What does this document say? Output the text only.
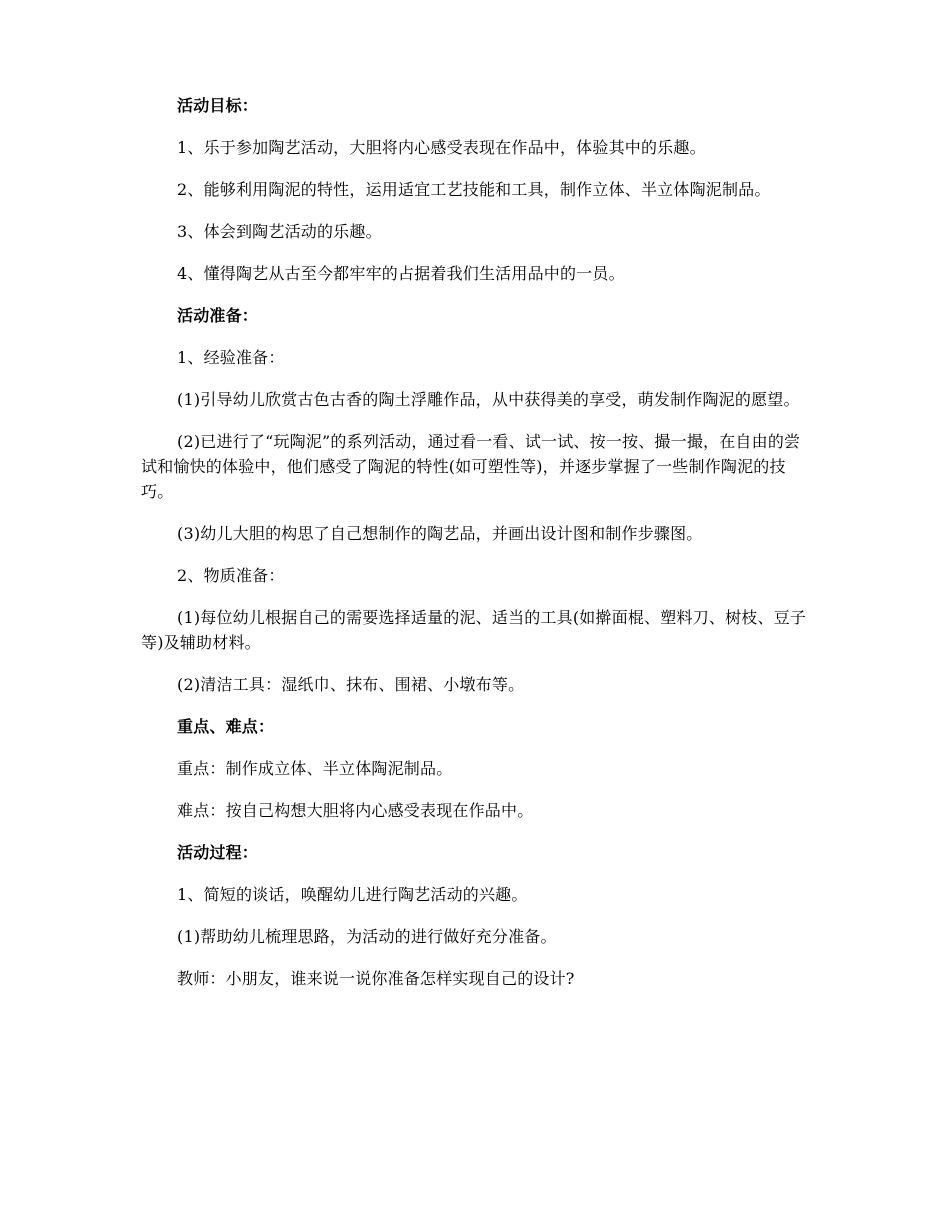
活动目标：

1、乐于参加陶艺活动，大胆将内心感受表现在作品中，体验其中的乐趣。

2、能够利用陶泥的特性，运用适宜工艺技能和工具，制作立体、半立体陶泥制品。

3、体会到陶艺活动的乐趣。

4、懂得陶艺从古至今都牢牢的占据着我们生活用品中的一员。

活动准备：

1、经验准备：

(1)引导幼儿欣赏古色古香的陶土浮雕作品，从中获得美的享受，萌发制作陶泥的愿望。

(2)已进行了“玩陶泥”的系列活动，通过看一看、试一试、按一按、撮一撮，在自由的尝试和愉快的体验中，他们感受了陶泥的特性(如可塑性等)，并逐步掌握了一些制作陶泥的技巧。

(3)幼儿大胆的构思了自己想制作的陶艺品，并画出设计图和制作步骤图。

2、物质准备：

(1)每位幼儿根据自己的需要选择适量的泥、适当的工具(如擀面棍、塑料刀、树枝、豆子等)及辅助材料。

(2)清洁工具：湿纸巾、抹布、围裙、小墩布等。

重点、难点：

重点：制作成立体、半立体陶泥制品。

难点：按自己构想大胆将内心感受表现在作品中。

活动过程：

1、简短的谈话，唤醒幼儿进行陶艺活动的兴趣。

(1)帮助幼儿梳理思路，为活动的进行做好充分准备。

教师：小朋友，谁来说一说你准备怎样实现自己的设计?
